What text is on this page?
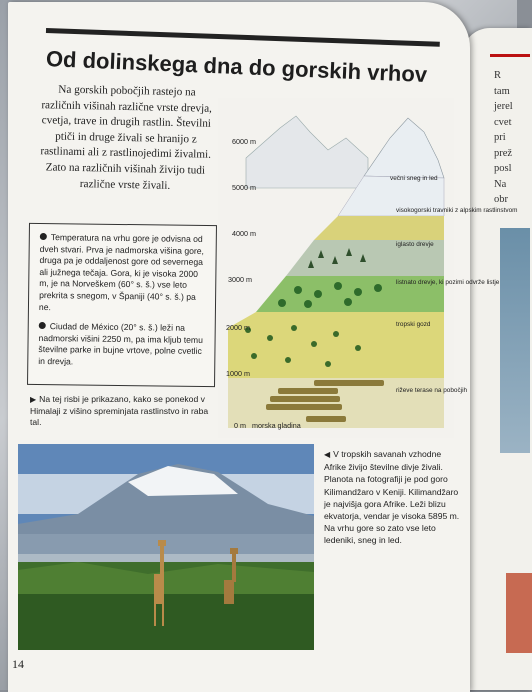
R
tam
jerel
cvet
pri
prež
posl
Na
obr
Od dolinskega dna do gorskih vrhov
Na gorskih pobočjih rastejo na različnih višinah različne vrste drevja, cvetja, trave in drugih rastlin. Številni ptiči in druge živali se hranijo z rastlinami ali z rastlinojedimi živalmi. Zato na različnih višinah živijo tudi različne vrste živali.

Temperatura na vrhu gore je odvisna od dveh stvari. Prva je nadmorska višina gore, druga pa je oddaljenost gore od severnega ali južnega tečaja. Gora, ki je visoka 2000 m, je na Norveškem (60° s. š.) vse leto prekrita s snegom, v Španiji (40° s. š.) pa ne.

Ciudad de México (20° s. š.) leži na nadmorski višini 2250 m, pa ima kljub temu številne parke in bujne vrtove, polne cvetlic in drevja.

▶ Na tej risbi je prikazano, kako se ponekod v Himalaji z višino spreminjata rastlinstvo in raba tal.
6000 m
5000 m
4000 m
3000 m
2000 m
1000 m
0 m morska gladina
večni sneg in led
visokogorski travniki z alpskim rastlinstvom
iglasto drevje
listnato drevje, ki pozimi odvrže listje
tropski gozd
riževe terase na pobočjih
◀ V tropskih savanah vzhodne Afrike živijo številne divje živali. Planota na fotografiji je pod goro Kilimandžaro v Keniji. Kilimandžaro je najvišja gora Afrike. Leži blizu ekvatorja, vendar je visoka 5895 m. Na vrhu gore so zato vse leto ledeniki, sneg in led.
14
